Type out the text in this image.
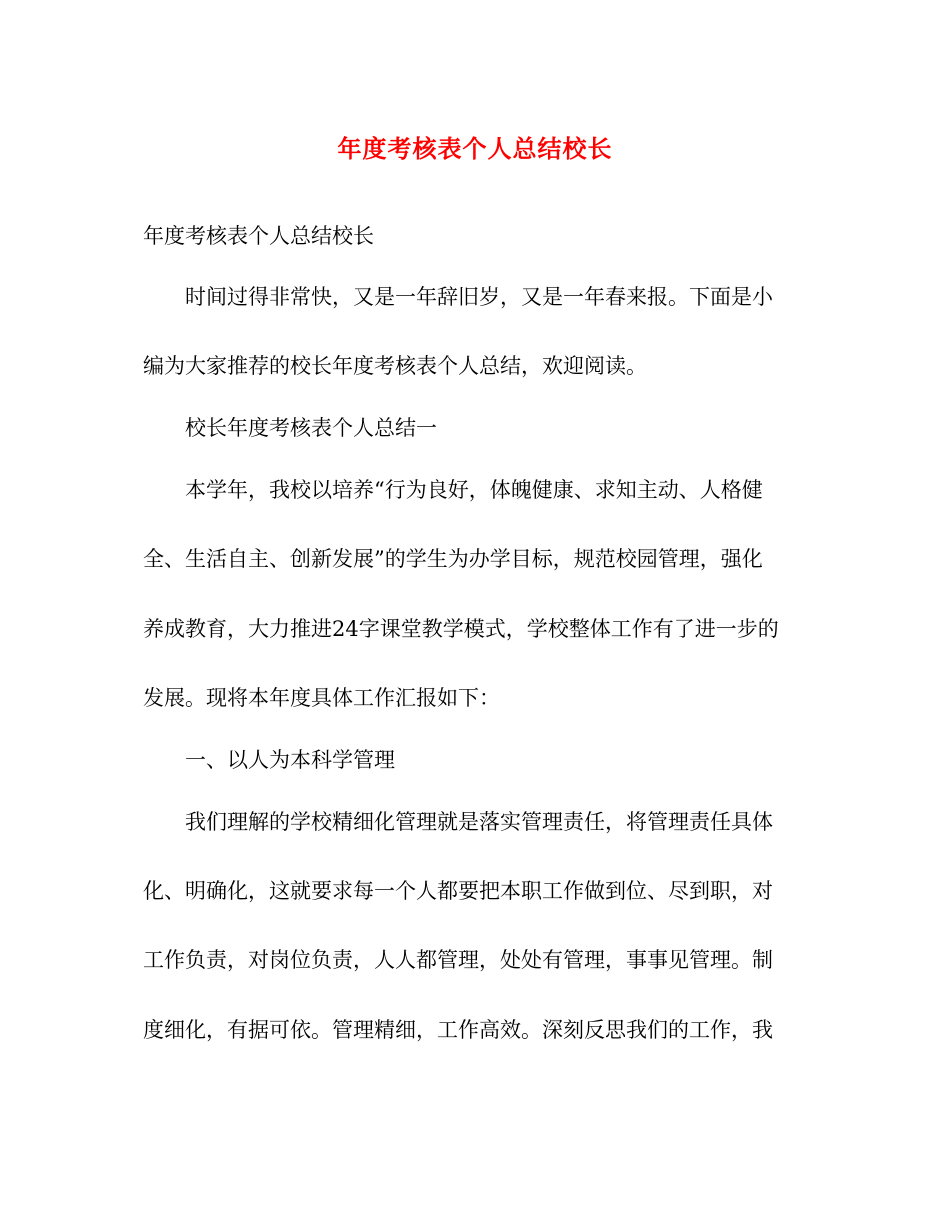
年度考核表个人总结校长
年度考核表个人总结校长
时间过得非常快，又是一年辞旧岁，又是一年春来报。下面是小
编为大家推荐的校长年度考核表个人总结，欢迎阅读。
校长年度考核表个人总结一
本学年，我校以培养“行为良好，体魄健康、求知主动、人格健
全、生活自主、创新发展”的学生为办学目标，规范校园管理，强化
养成教育，大力推进24字课堂教学模式，学校整体工作有了进一步的
发展。现将本年度具体工作汇报如下：
一、以人为本科学管理
我们理解的学校精细化管理就是落实管理责任，将管理责任具体
化、明确化，这就要求每一个人都要把本职工作做到位、尽到职，对
工作负责，对岗位负责，人人都管理，处处有管理，事事见管理。制
度细化，有据可依。管理精细，工作高效。深刻反思我们的工作，我
